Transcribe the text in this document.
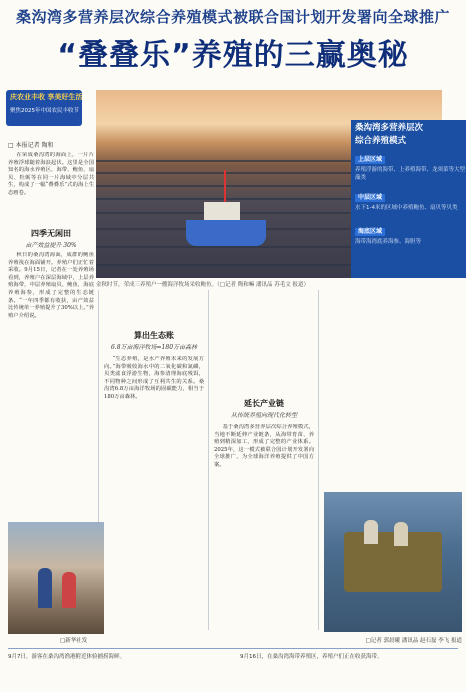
桑沟湾多营养层次综合养殖模式被联合国计划开发署向全球推广
“叠叠乐”养殖的三赢奥秘
庆农业丰收 享美好生活
聚焦2025年中国农民丰收节
桑沟湾多营养层次
综合养殖模式
上层区域
养殖浮游的海带、上养殖海带、龙须菜等大型藻类
中层区域
水下1-4米的区域中养殖鲍鱼、扇贝等贝类
海底区域
海带海湾底养海参、海胆等
金秋时节，荣成三养殖户一艘海洋牧场采收鲍鱼。（□记者 陶和嘛 潘讯品 苏毛文 报道）
□ 本报记者 陶和

在荣成桑沟湾的海面上，一片片养殖浮球随着海浪起伏。这里是全国知名的海水养殖区，海带、鲍鱼、扇贝、牡蛎等在同一片海域中分层共生，构成了一幅“叠叠乐”式的海上生态画卷。

四季无闲田
亩产效益提升 30%

秋日的桑沟湾海面，成群的鲍鱼养殖筏在海面铺开。养殖户们正忙着采收。9月15日，记者在一处养殖场看到，养殖户在深层海域中，上层养殖海带，中层养殖扇贝、鲍鱼，海底养殖海参，形成了完整的生态链条。“一年四季都有收获，亩产效益比传统单一养殖提升了30%以上。”养殖户介绍说。

算出生态账
6.8万亩海洋牧场=180万亩森林

“生态养殖，是水产养殖未来的发展方向。”海带吸收海水中的二氧化碳和氮磷，贝类滤食浮游生物，海参清理海底残饵，不同物种之间形成了互利共生的关系。桑沟湾6.8万亩海洋牧场的固碳能力，相当于180万亩森林。

延长产业链
从传统养殖向现代化转型

基于桑沟湾多营养层次综合养殖模式，当地不断延伸产业链条，从海带育苗、养殖到精深加工，形成了完整的产业体系。2025年，这一模式被联合国计划开发署向全球推广，为全球海洋养殖提供了中国方案。

□新华社发	□记者 郭晨曦 潘讯品 赵石磊 李飞 报道
9月7日，游客在桑沟湾渔港附近体验捕捞海鲜。	9月16日，在桑沟湾海带养殖区，养殖户们正在收获海带。
